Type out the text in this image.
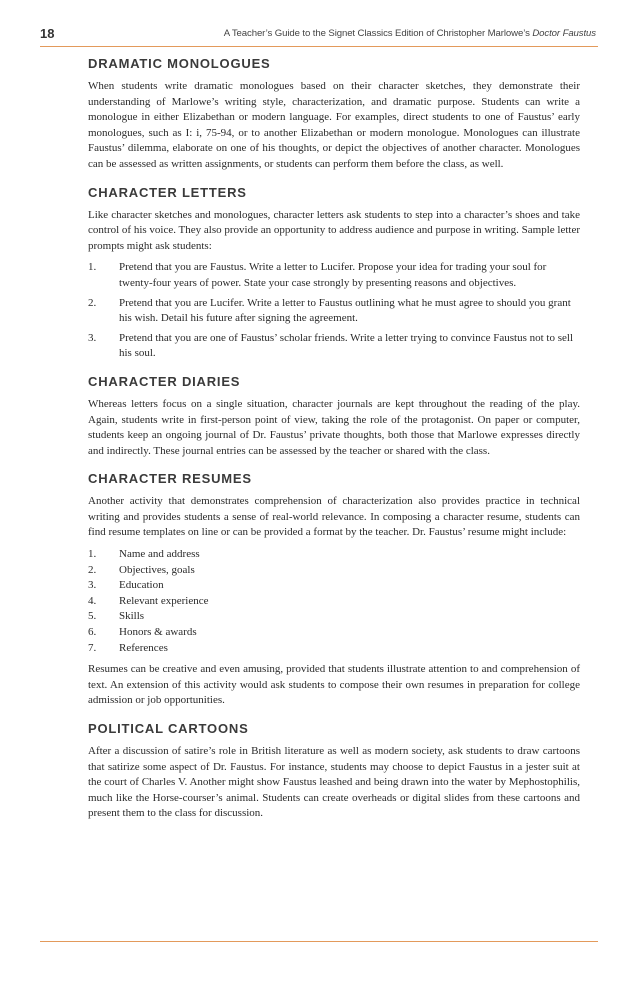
18	A Teacher’s Guide to the Signet Classics Edition of Christopher Marlowe’s Doctor Faustus
DRAMATIC MONOLOGUES

When students write dramatic monologues based on their character sketches, they demonstrate their understanding of Marlowe’s writing style, characterization, and dramatic purpose. Students can write a monologue in either Elizabethan or modern language. For examples, direct students to one of Faustus’ early monologues, such as I: i, 75-94, or to another Elizabethan or modern monologue. Monologues can illustrate Faustus’ dilemma, elaborate on one of his thoughts, or depict the objectives of another character. Monologues can be assessed as written assignments, or students can perform them before the class, as well.

CHARACTER LETTERS

Like character sketches and monologues, character letters ask students to step into a character’s shoes and take control of his voice. They also provide an opportunity to address audience and purpose in writing. Sample letter prompts might ask students:

1. Pretend that you are Faustus. Write a letter to Lucifer. Propose your idea for trading your soul for twenty-four years of power. State your case strongly by presenting reasons and objectives.
2. Pretend that you are Lucifer. Write a letter to Faustus outlining what he must agree to should you grant his wish. Detail his future after signing the agreement.
3. Pretend that you are one of Faustus’ scholar friends. Write a letter trying to convince Faustus not to sell his soul.
CHARACTER DIARIES

Whereas letters focus on a single situation, character journals are kept throughout the reading of the play. Again, students write in first-person point of view, taking the role of the protagonist. On paper or computer, students keep an ongoing journal of Dr. Faustus’ private thoughts, both those that Marlowe expresses directly and indirectly. These journal entries can be assessed by the teacher or shared with the class.

CHARACTER RESUMES

Another activity that demonstrates comprehension of characterization also provides practice in technical writing and provides students a sense of real-world relevance. In composing a character resume, students can find resume templates on line or can be provided a format by the teacher. Dr. Faustus’ resume might include:

1. Name and address
2. Objectives, goals
3. Education
4. Relevant experience
5. Skills
6. Honors & awards
7. References

Resumes can be creative and even amusing, provided that students illustrate attention to and comprehension of text. An extension of this activity would ask students to compose their own resumes in preparation for college admission or job opportunities.

POLITICAL CARTOONS

After a discussion of satire’s role in British literature as well as modern society, ask students to draw cartoons that satirize some aspect of Dr. Faustus. For instance, students may choose to depict Faustus in a jester suit at the court of Charles V. Another might show Faustus leashed and being drawn into the water by Mephostophilis, much like the Horse-courser’s animal. Students can create overheads or digital slides from these cartoons and present them to the class for discussion.
